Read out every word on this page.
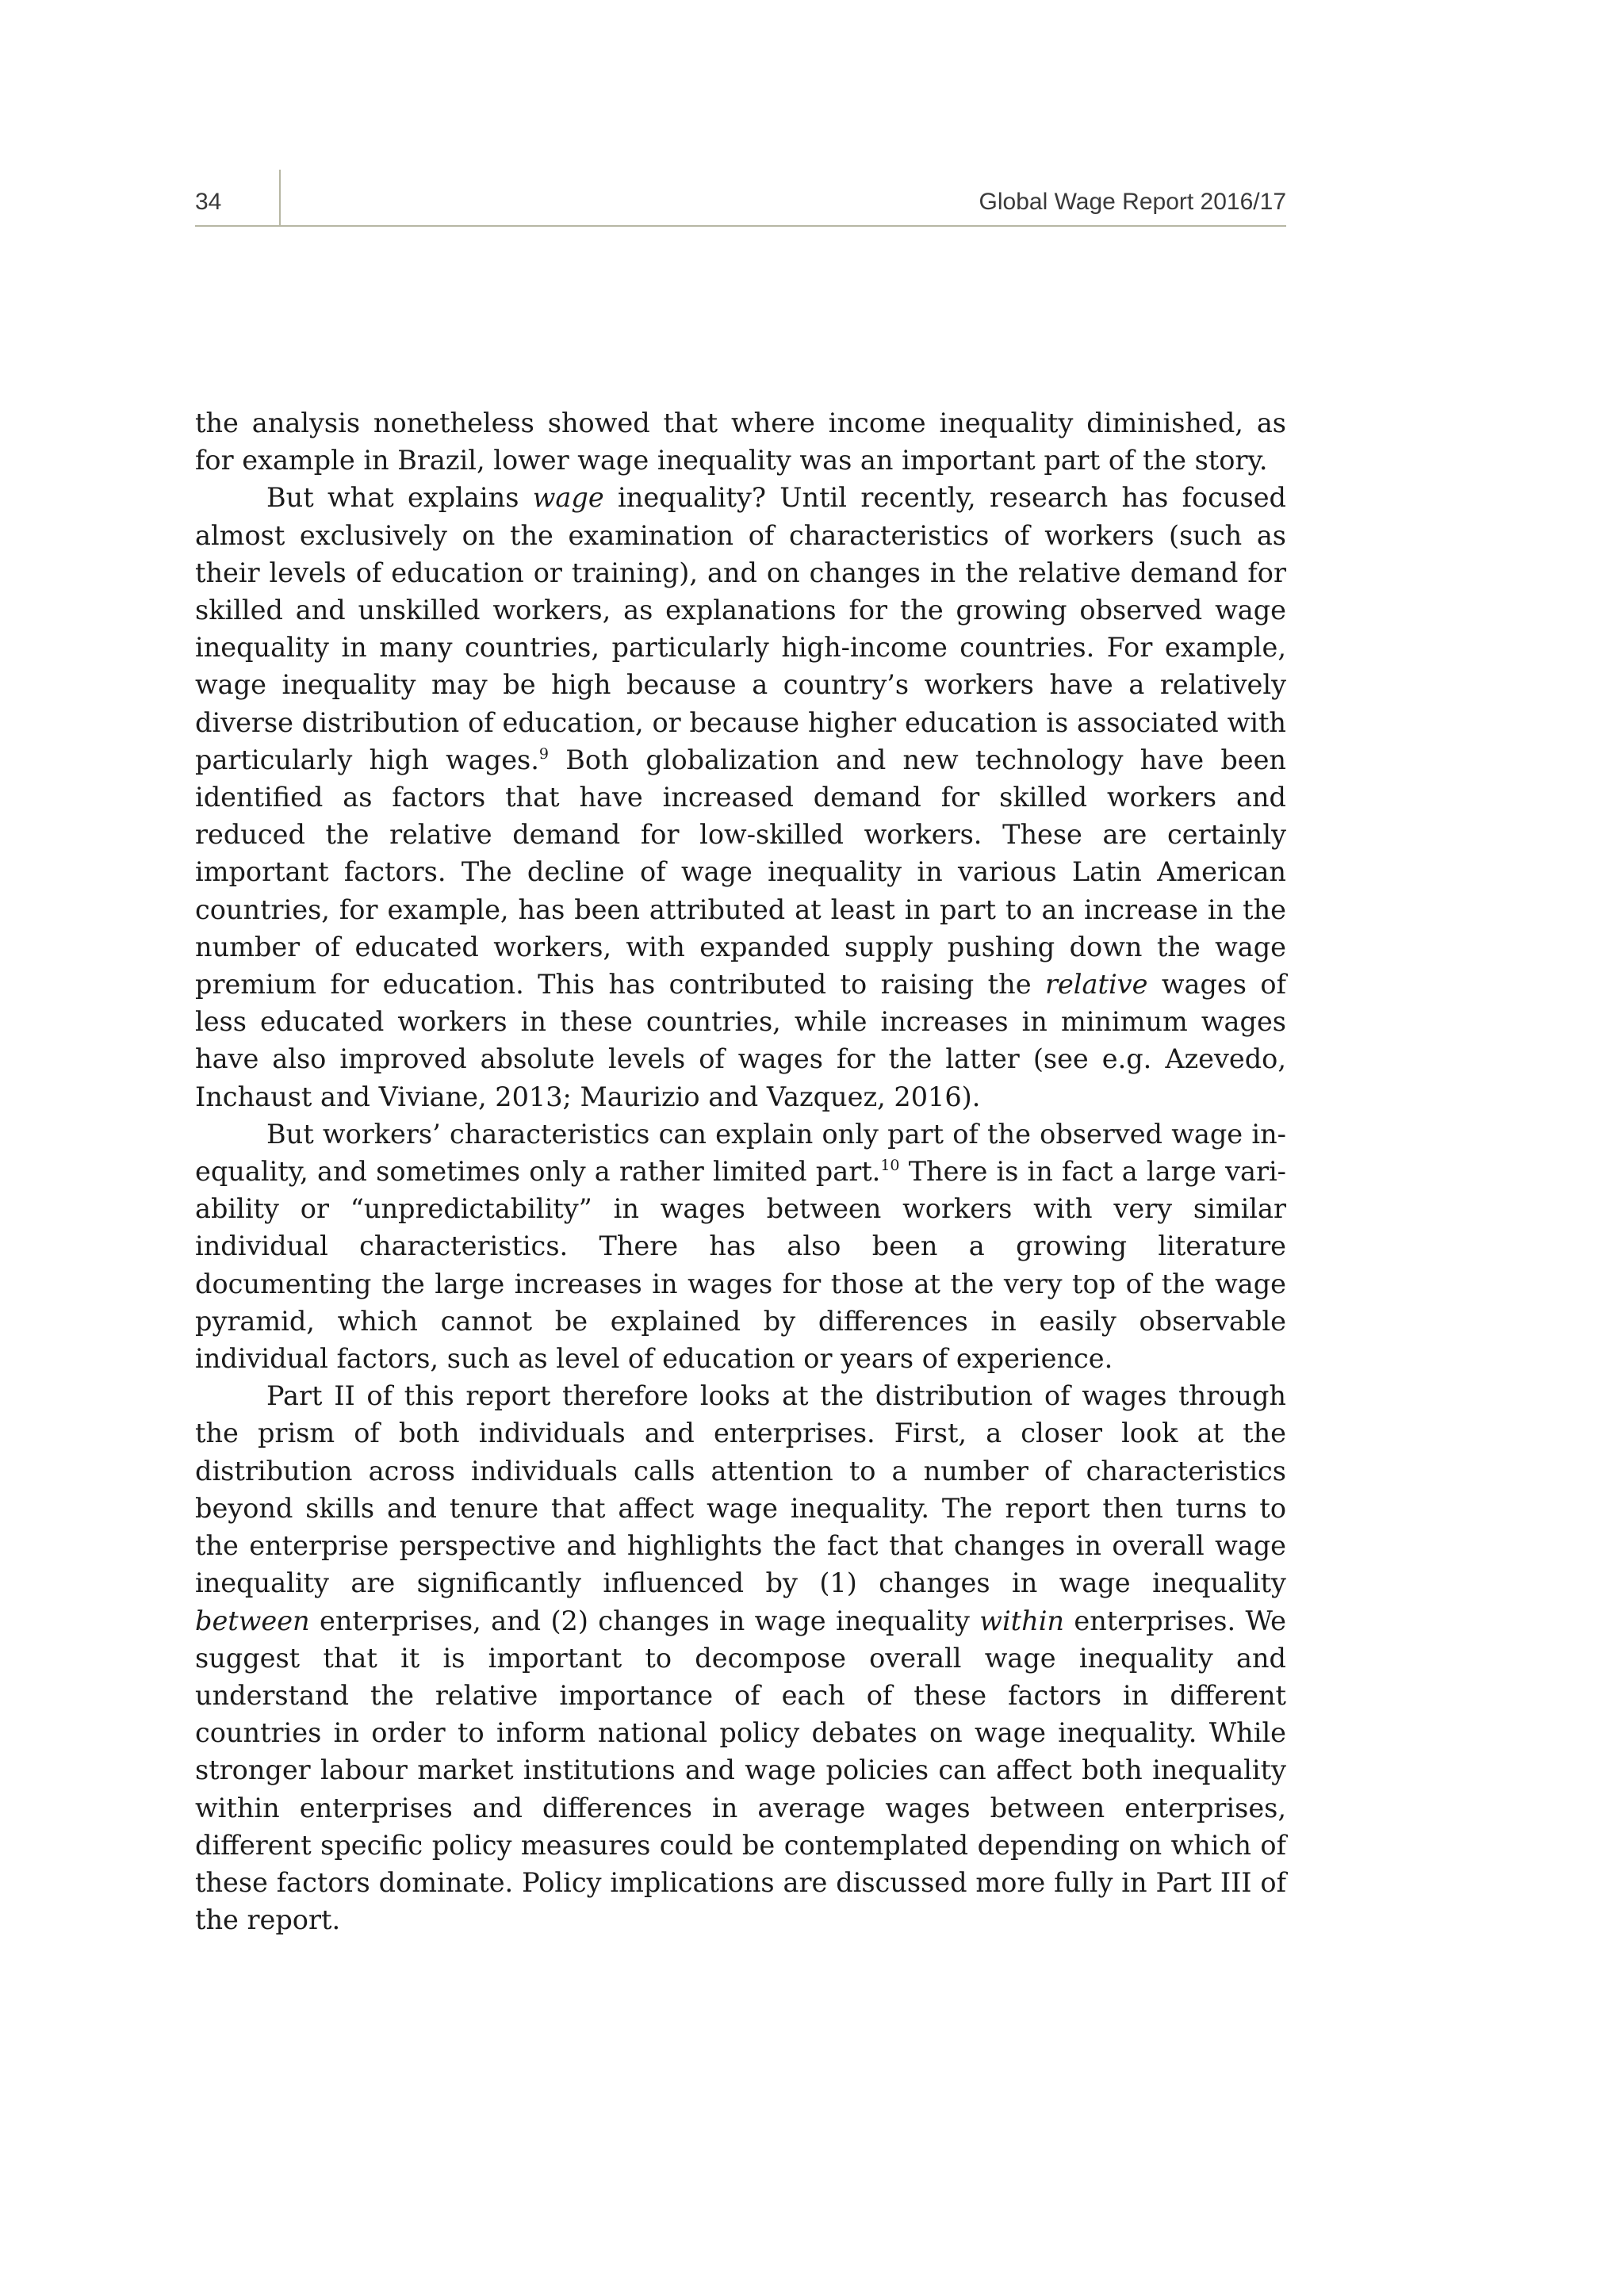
34	Global Wage Report 2016/17

the analysis nonetheless showed that where income inequality diminished, as for example in Brazil, lower wage inequality was an important part of the story.

But what explains wage inequality? Until recently, research has focused almost exclusively on the examination of characteristics of workers (such as their levels of education or training), and on changes in the relative demand for skilled and unskilled workers, as explanations for the growing observed wage inequality in many countries, particularly high-income countries. For example, wage inequality may be high because a country’s workers have a relatively diverse distribution of education, or because higher education is associated with particularly high wages.$^9$ Both globalization and new technology have been identified as factors that have increased demand for skilled workers and reduced the relative demand for low-skilled workers. These are certainly important factors. The decline of wage inequality in various Latin American countries, for example, has been attributed at least in part to an increase in the number of educated workers, with expanded supply pushing down the wage premium for education. This has contributed to raising the relative wages of less educated workers in these countries, while increases in minimum wages have also improved absolute levels of wages for the latter (see e.g. Azevedo, Inchaust and Viviane, 2013; Maurizio and Vazquez, 2016).

But workers’ characteristics can explain only part of the observed wage inequality, and sometimes only a rather limited part.$^{10}$ There is in fact a large variability or “unpredictability” in wages between workers with very similar individual characteristics. There has also been a growing literature documenting the large increases in wages for those at the very top of the wage pyramid, which cannot be explained by differences in easily observable individual factors, such as level of education or years of experience.

Part II of this report therefore looks at the distribution of wages through the prism of both individuals and enterprises. First, a closer look at the distribution across individuals calls attention to a number of characteristics beyond skills and tenure that affect wage inequality. The report then turns to the enterprise perspective and highlights the fact that changes in overall wage inequality are significantly influenced by (1) changes in wage inequality between enterprises, and (2) changes in wage inequality within enterprises. We suggest that it is important to decompose overall wage inequality and understand the relative importance of each of these factors in different countries in order to inform national policy debates on wage inequality. While stronger labour market institutions and wage policies can affect both inequality within enterprises and differences in average wages between enterprises, different specific policy measures could be contemplated depending on which of these factors dominate. Policy implications are discussed more fully in Part III of the report.
